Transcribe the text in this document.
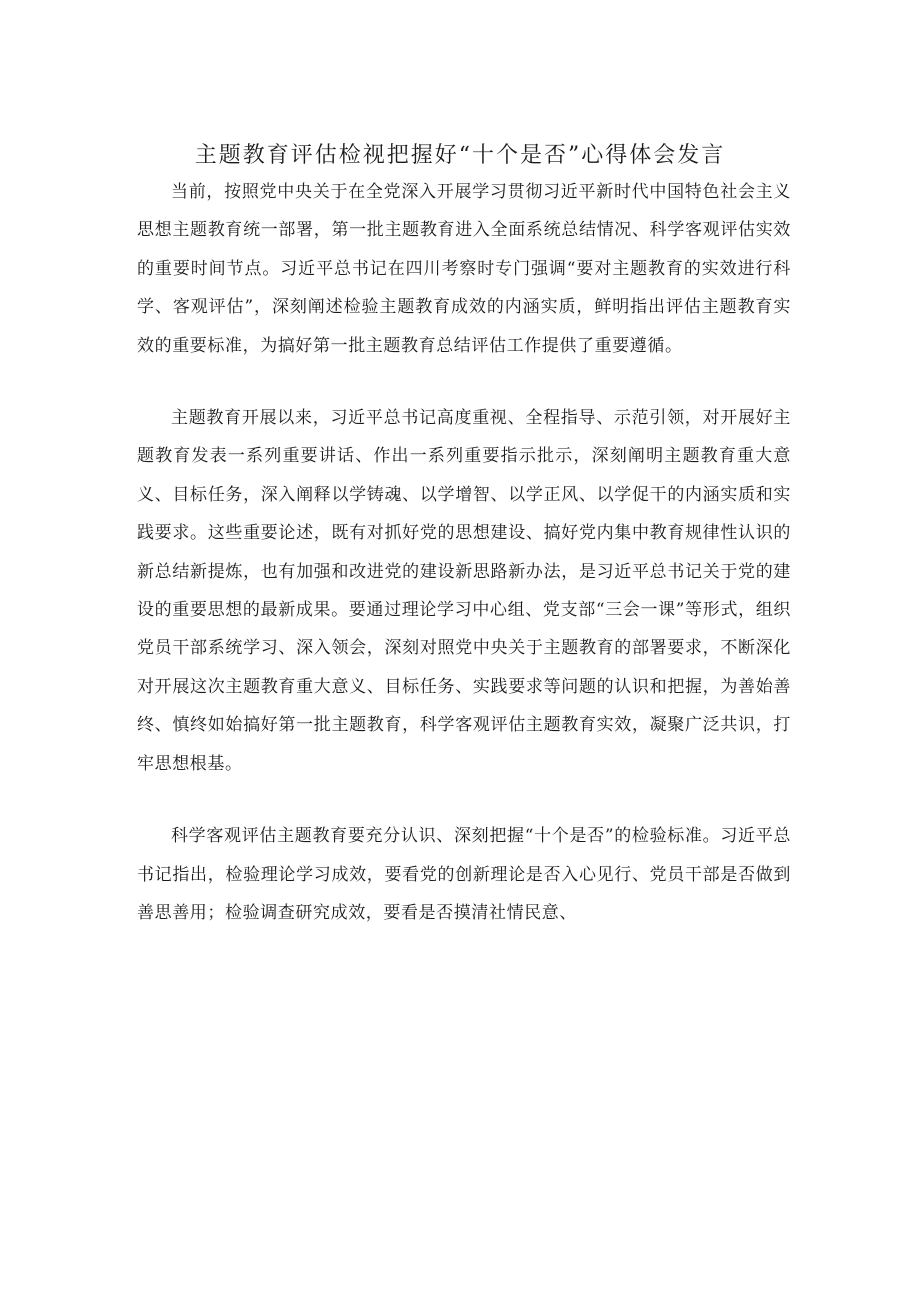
主题教育评估检视把握好“十个是否”心得体会发言

当前，按照党中央关于在全党深入开展学习贯彻习近平新时代中国特色社会主义思想主题教育统一部署，第一批主题教育进入全面系统总结情况、科学客观评估实效的重要时间节点。习近平总书记在四川考察时专门强调“要对主题教育的实效进行科学、客观评估”，深刻阐述检验主题教育成效的内涵实质，鲜明指出评估主题教育实效的重要标准，为搞好第一批主题教育总结评估工作提供了重要遵循。

主题教育开展以来，习近平总书记高度重视、全程指导、示范引领，对开展好主题教育发表一系列重要讲话、作出一系列重要指示批示，深刻阐明主题教育重大意义、目标任务，深入阐释以学铸魂、以学增智、以学正风、以学促干的内涵实质和实践要求。这些重要论述，既有对抓好党的思想建设、搞好党内集中教育规律性认识的新总结新提炼，也有加强和改进党的建设新思路新办法，是习近平总书记关于党的建设的重要思想的最新成果。要通过理论学习中心组、党支部“三会一课”等形式，组织党员干部系统学习、深入领会，深刻对照党中央关于主题教育的部署要求，不断深化对开展这次主题教育重大意义、目标任务、实践要求等问题的认识和把握，为善始善终、慎终如始搞好第一批主题教育，科学客观评估主题教育实效，凝聚广泛共识，打牢思想根基。

科学客观评估主题教育要充分认识、深刻把握“十个是否”的检验标准。习近平总书记指出，检验理论学习成效，要看党的创新理论是否入心见行、党员干部是否做到善思善用；检验调查研究成效，要看是否摸清社情民意、
